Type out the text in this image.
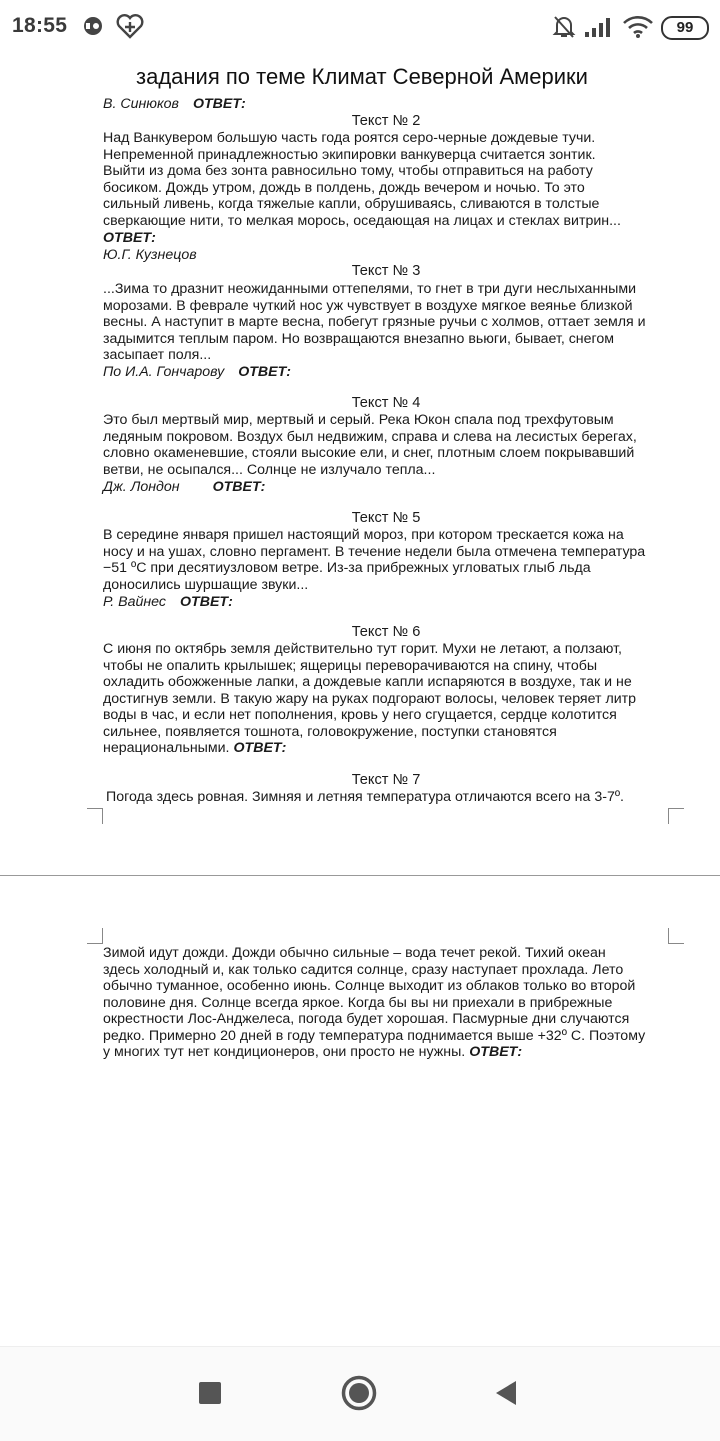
18:55	99
задания по теме Климат Северной Америки
В. Синюков ОТВЕТ:
Текст № 2
Над Ванкувером большую часть года роятся серо-черные дождевые тучи.
Непременной принадлежностью экипировки ванкуверца считается зонтик.
Выйти из дома без зонта равносильно тому, чтобы отправиться на работу
босиком. Дождь утром, дождь в полдень, дождь вечером и ночью. То это
сильный ливень, когда тяжелые капли, обрушиваясь, сливаются в толстые
сверкающие нити, то мелкая морось, оседающая на лицах и стеклах витрин...
ОТВЕТ:
Ю.Г. Кузнецов
Текст № 3
...Зима то дразнит неожиданными оттепелями, то гнет в три дуги неслыханными
морозами. В феврале чуткий нос уж чувствует в воздухе мягкое веянье близкой
весны. А наступит в марте весна, побегут грязные ручьи с холмов, оттает земля и
задымится теплым паром. Но возвращаются внезапно вьюги, бывает, снегом
засыпает поля...
По И.А. Гончарову ОТВЕТ:
Текст № 4
Это был мертвый мир, мертвый и серый. Река Юкон спала под трехфутовым
ледяным покровом. Воздух был недвижим, справа и слева на лесистых берегах,
словно окаменевшие, стояли высокие ели, и снег, плотным слоем покрывавший
ветви, не осыпался... Солнце не излучало тепла...
Дж. Лондон ОТВЕТ:
Текст № 5
В середине января пришел настоящий мороз, при котором трескается кожа на
носу и на ушах, словно пергамент. В течение недели была отмечена температура
−51 ºС при десятиузловом ветре. Из-за прибрежных угловатых глыб льда
доносились шуршащие звуки...
Р. Вайнес ОТВЕТ:
Текст № 6
С июня по октябрь земля действительно тут горит. Мухи не летают, а ползают,
чтобы не опалить крылышек; ящерицы переворачиваются на спину, чтобы
охладить обожженные лапки, а дождевые капли испаряются в воздухе, так и не
достигнув земли. В такую жару на руках подгорают волосы, человек теряет литр
воды в час, и если нет пополнения, кровь у него сгущается, сердце колотится
сильнее, появляется тошнота, головокружение, поступки становятся
нерациональными. ОТВЕТ:
Текст № 7
Погода здесь ровная. Зимняя и летняя температура отличаются всего на 3-7º.
Зимой идут дожди. Дожди обычно сильные – вода течет рекой. Тихий океан
здесь холодный и, как только садится солнце, сразу наступает прохлада. Лето
обычно туманное, особенно июнь. Солнце выходит из облаков только во второй
половине дня. Солнце всегда яркое. Когда бы вы ни приехали в прибрежные
окрестности Лос-Анджелеса, погода будет хорошая. Пасмурные дни случаются
редко. Примерно 20 дней в году температура поднимается выше +32º С. Поэтому
у многих тут нет кондиционеров, они просто не нужны. ОТВЕТ:
